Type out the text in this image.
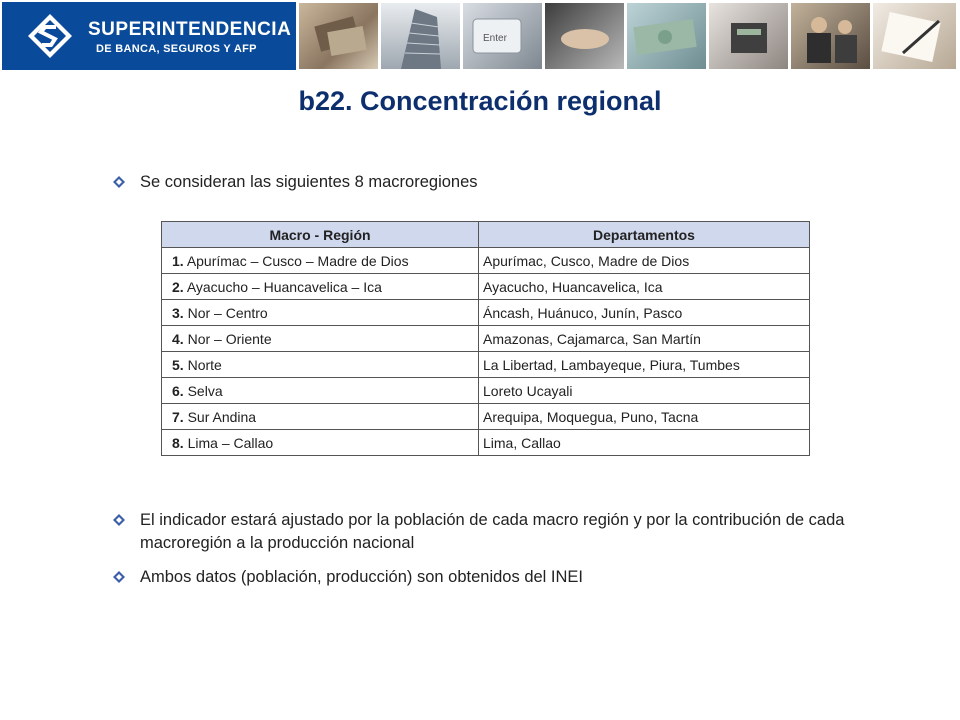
SUPERINTENDENCIA
DE BANCA, SEGUROS Y AFP
Enter
b22. Concentración regional
Se consideran las siguientes 8 macroregiones
Macro - Región	Departamentos
1. Apurímac – Cusco – Madre de Dios	Apurímac, Cusco, Madre de Dios
2. Ayacucho – Huancavelica – Ica	Ayacucho, Huancavelica, Ica
3. Nor – Centro	Áncash, Huánuco, Junín, Pasco
4. Nor – Oriente	Amazonas, Cajamarca, San Martín
5. Norte	La Libertad, Lambayeque, Piura, Tumbes
6. Selva	Loreto Ucayali
7. Sur Andina	Arequipa, Moquegua, Puno, Tacna
8. Lima – Callao	Lima, Callao
El indicador estará ajustado por la población de cada macro región y por la contribución de cada macroregión a la producción nacional
Ambos datos (población, producción) son obtenidos del INEI
